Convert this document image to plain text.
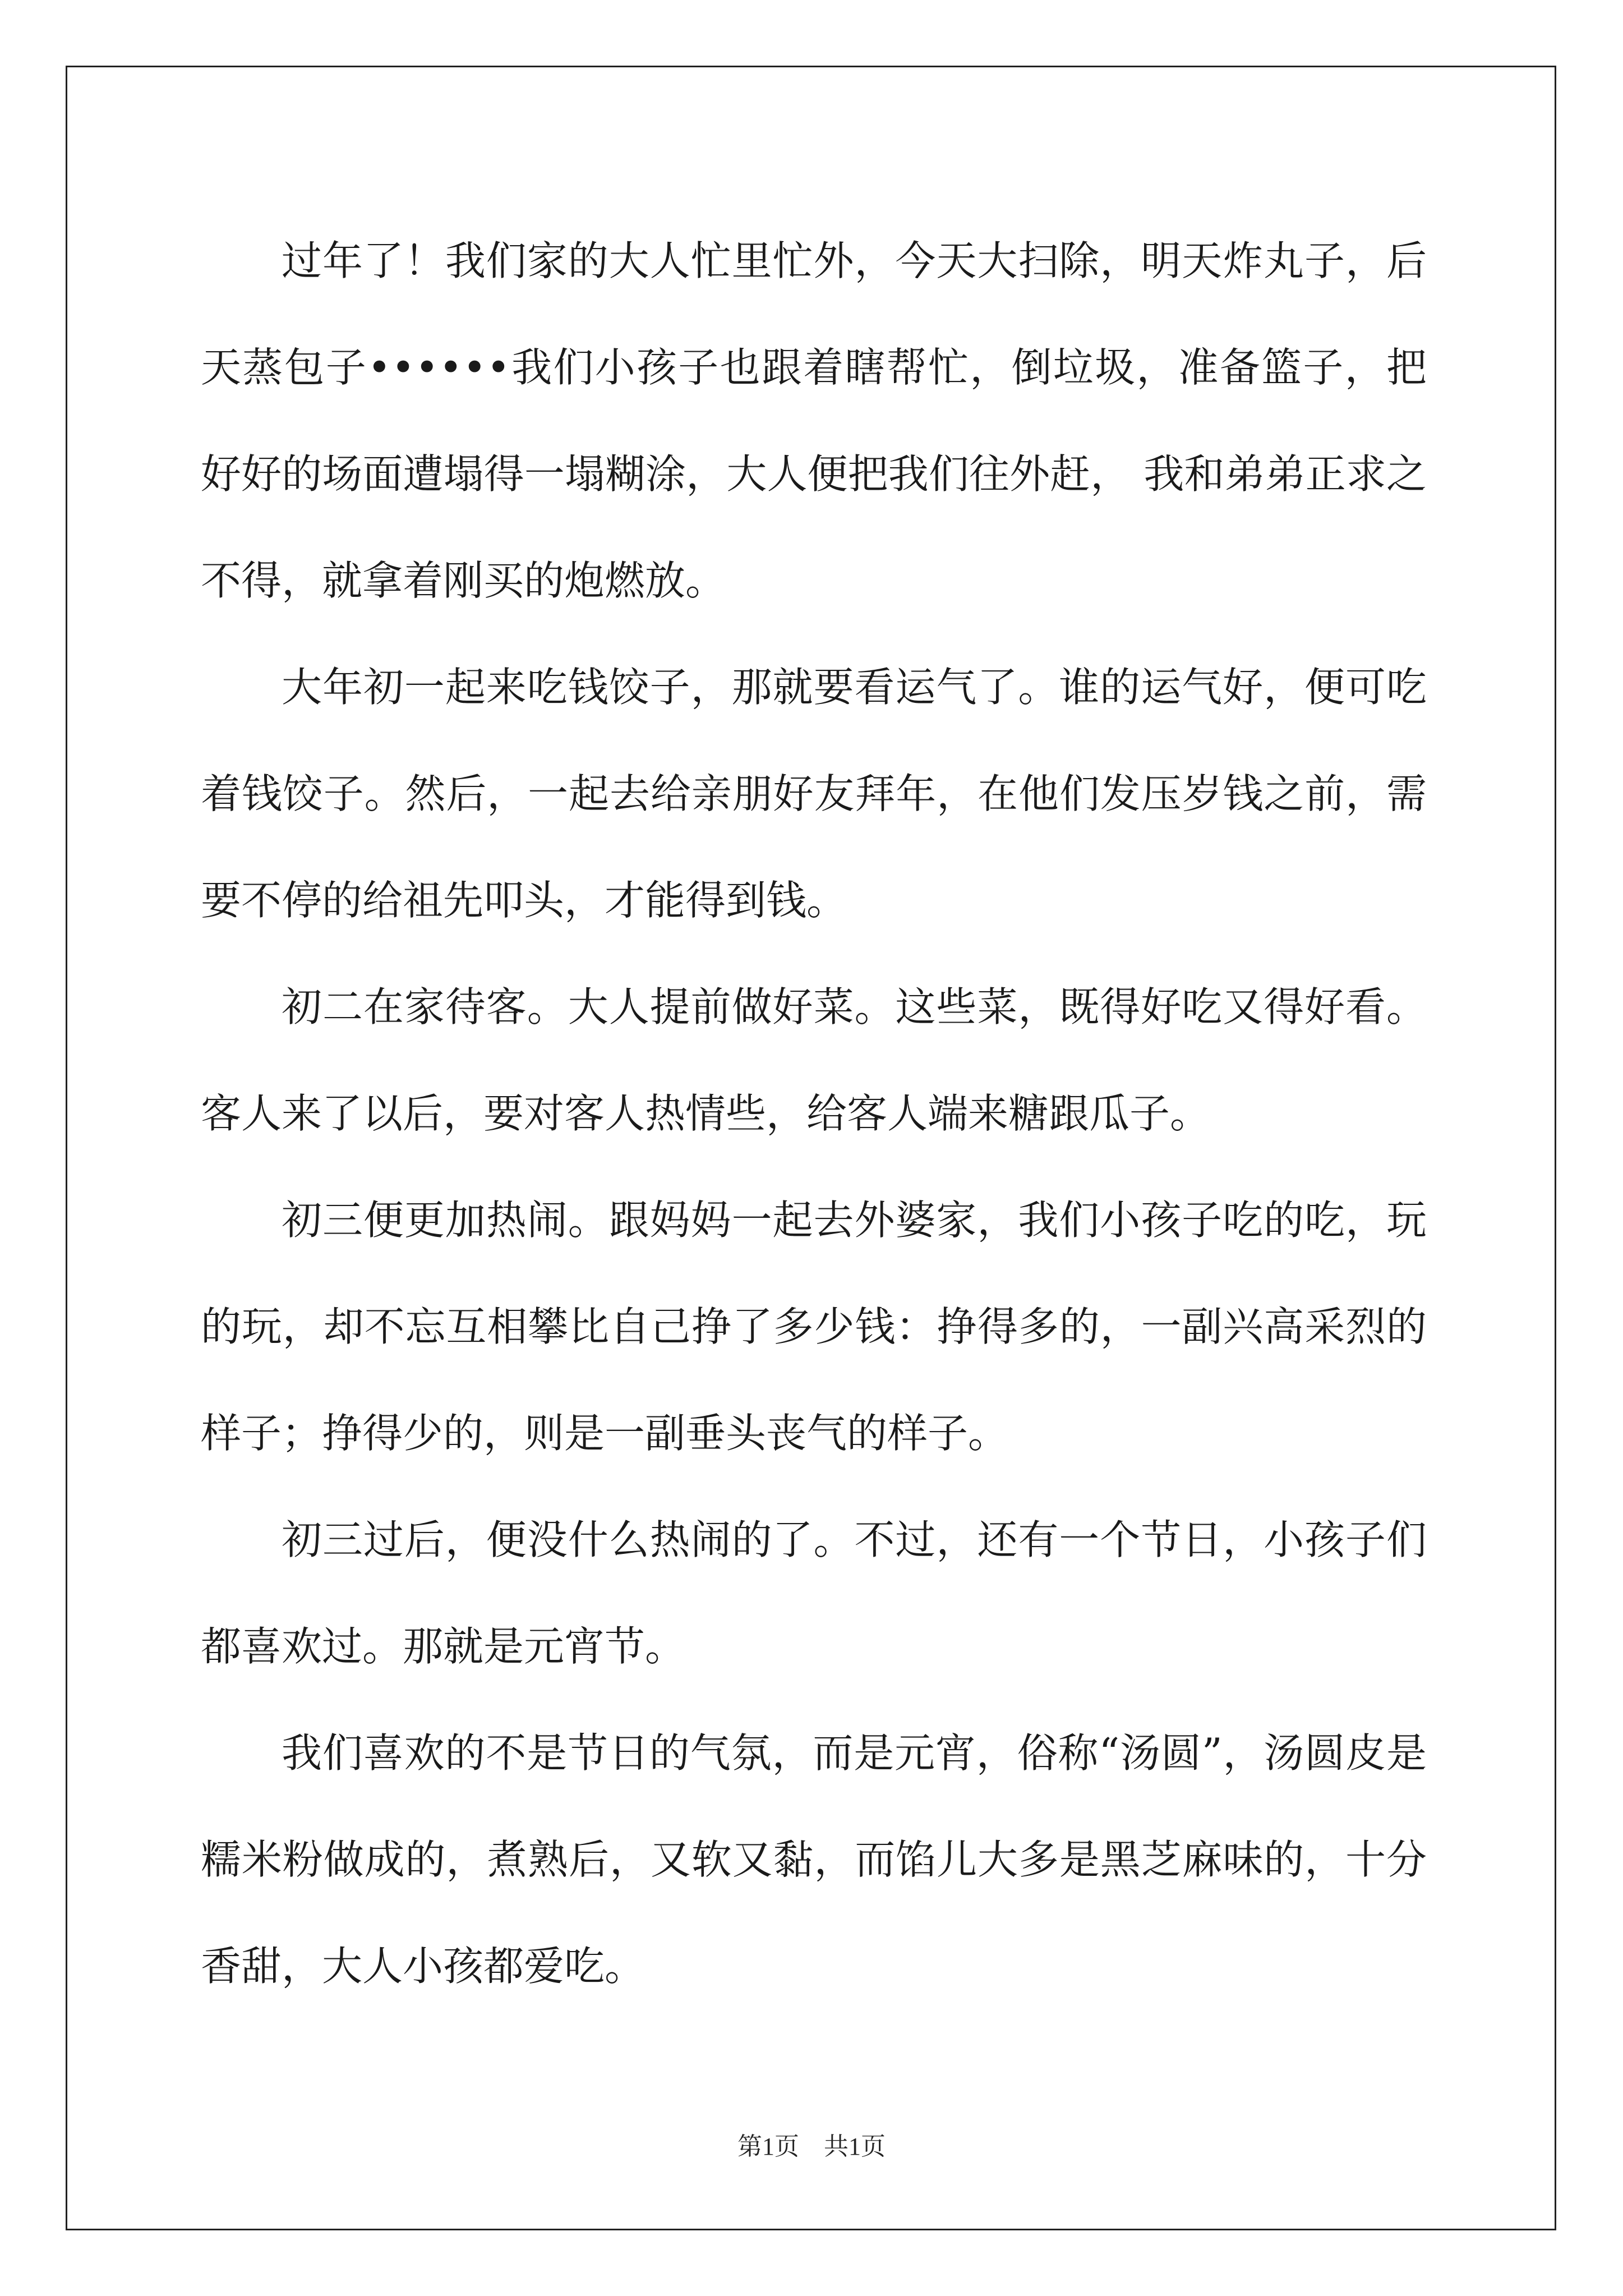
过年了！我们家的大人忙里忙外，今天大扫除，明天炸丸子，后天蒸包子••••••我们小孩子也跟着瞎帮忙，倒垃圾，准备篮子，把好好的场面遭塌得一塌糊涂，大人便把我们往外赶， 我和弟弟正求之不得，就拿着刚买的炮燃放。

大年初一起来吃钱饺子，那就要看运气了。谁的运气好，便可吃着钱饺子。然后，一起去给亲朋好友拜年，在他们发压岁钱之前，需要不停的给祖先叩头，才能得到钱。

初二在家待客。大人提前做好菜。这些菜，既得好吃又得好看。客人来了以后，要对客人热情些，给客人端来糖跟瓜子。

初三便更加热闹。跟妈妈一起去外婆家，我们小孩子吃的吃，玩的玩，却不忘互相攀比自己挣了多少钱：挣得多的，一副兴高采烈的样子；挣得少的，则是一副垂头丧气的样子。

初三过后，便没什么热闹的了。不过，还有一个节日，小孩子们都喜欢过。那就是元宵节。

我们喜欢的不是节日的气氛，而是元宵，俗称“汤圆”，汤圆皮是糯米粉做成的，煮熟后，又软又黏，而馅儿大多是黑芝麻味的，十分香甜，大人小孩都爱吃。

第1页　共1页
